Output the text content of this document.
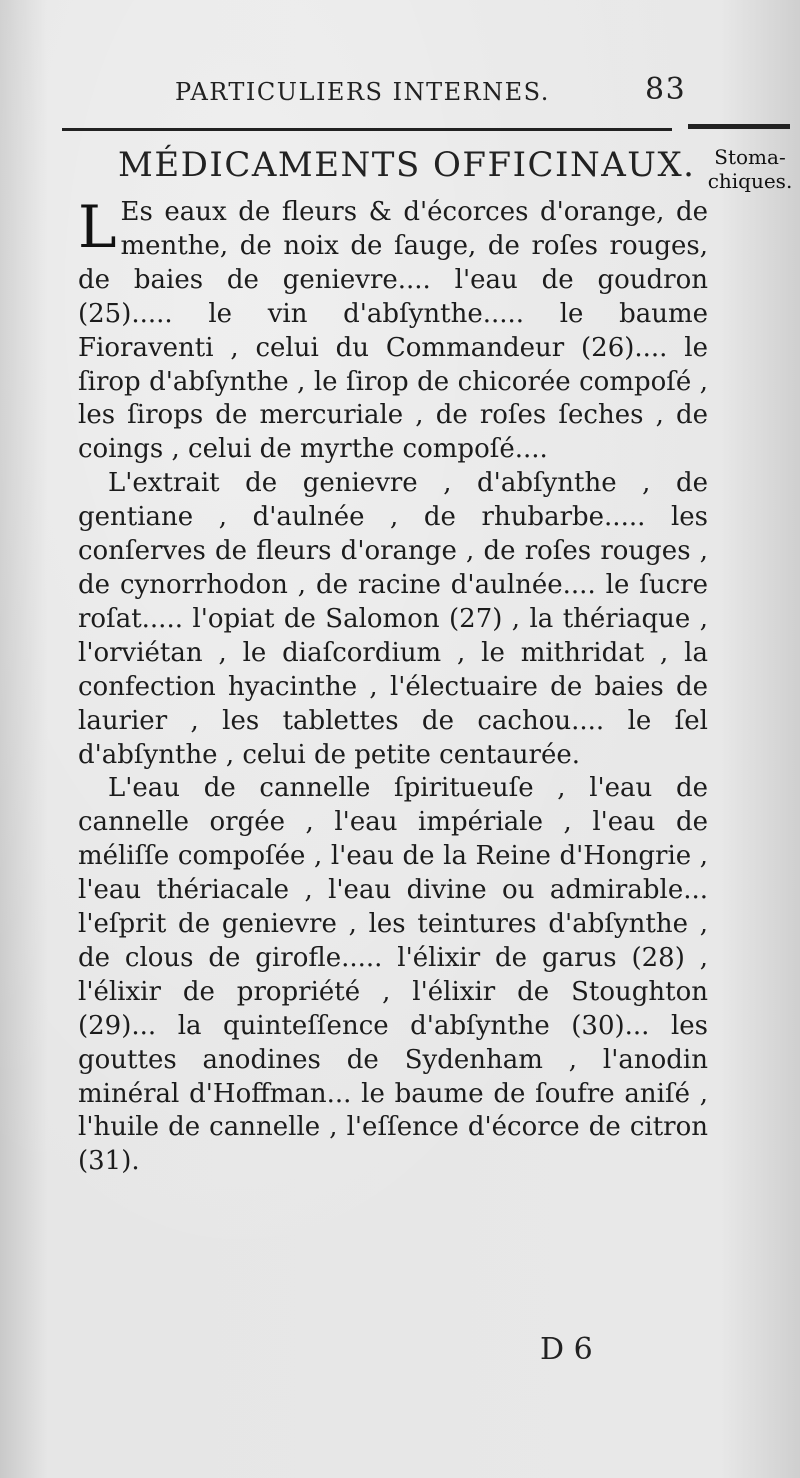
PARTICULIERS INTERNES.	83
MÉDICAMENTS OFFICINAUX. Stoma-
chiques.

L Es eaux de fleurs & d'écorces d'orange, de menthe, de noix de ſauge, de roſes rouges, de baies de genievre.... l'eau de goudron (25)..... le vin d'abſynthe..... le baume Fioraventi , celui du Commandeur (26).... le ſirop d'abſynthe , le ſirop de chicorée compoſé , les ſirops de mercuriale , de roſes ſeches , de coings , celui de myrthe compoſé....

L'extrait de genievre , d'abſynthe , de gentiane , d'aulnée , de rhubarbe..... les conſerves de fleurs d'orange , de roſes rouges , de cynorrhodon , de racine d'aulnée.... le ſucre roſat..... l'opiat de Salomon (27) , la thériaque , l'orviétan , le diaſcordium , le mithridat , la confection hyacinthe , l'électuaire de baies de laurier , les tablettes de cachou.... le ſel d'abſynthe , celui de petite centaurée.

L'eau de cannelle ſpiritueuſe , l'eau de cannelle orgée , l'eau impériale , l'eau de méliſſe compoſée , l'eau de la Reine d'Hongrie , l'eau thériacale , l'eau divine ou admirable... l'eſprit de genievre , les teintures d'abſynthe , de clous de girofle..... l'élixir de garus (28) , l'élixir de propriété , l'élixir de Stoughton (29)... la quinteſſence d'abſynthe (30)... les gouttes anodines de Sydenham , l'anodin minéral d'Hoffman... le baume de ſoufre aniſé , l'huile de cannelle , l'eſſence d'écorce de citron (31).

D 6
